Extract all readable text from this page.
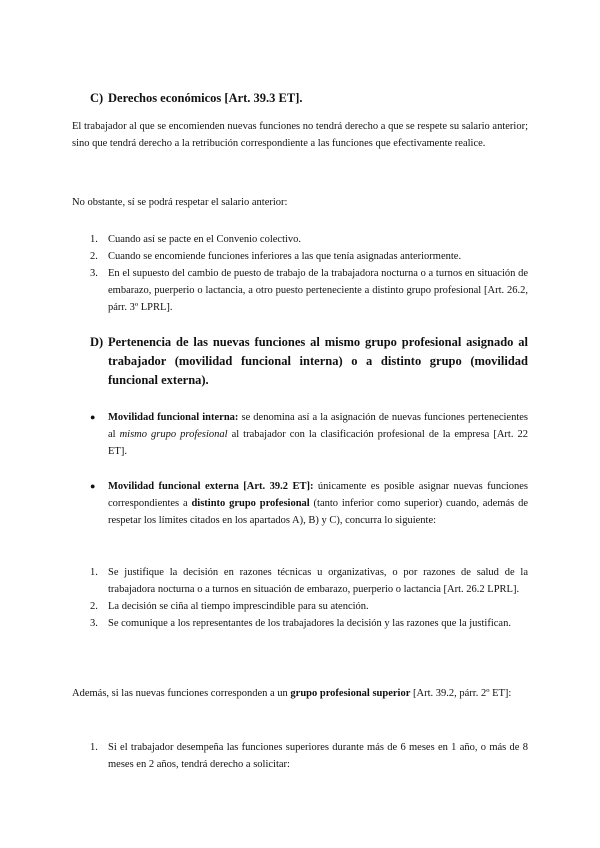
C) Derechos económicos [Art. 39.3 ET].

El trabajador al que se encomienden nuevas funciones no tendrá derecho a que se respete su salario anterior; sino que tendrá derecho a la retribución correspondiente a las funciones que efectivamente realice.

No obstante, sí se podrá respetar el salario anterior:

1. Cuando así se pacte en el Convenio colectivo.
2. Cuando se encomiende funciones inferiores a las que tenía asignadas anteriormente.
3. En el supuesto del cambio de puesto de trabajo de la trabajadora nocturna o a turnos en situación de embarazo, puerperio o lactancia, a otro puesto perteneciente a distinto grupo profesional [Art. 26.2, párr. 3º LPRL].
D) Pertenencia de las nuevas funciones al mismo grupo profesional asignado al trabajador (movilidad funcional interna) o a distinto grupo (movilidad funcional externa).
● Movilidad funcional interna: se denomina así a la asignación de nuevas funciones pertenecientes al mismo grupo profesional al trabajador con la clasificación profesional de la empresa [Art. 22 ET].
● Movilidad funcional externa [Art. 39.2 ET]: únicamente es posible asignar nuevas funciones correspondientes a distinto grupo profesional (tanto inferior como superior) cuando, además de respetar los límites citados en los apartados A), B) y C), concurra lo siguiente:
1. Se justifique la decisión en razones técnicas u organizativas, o por razones de salud de la trabajadora nocturna o a turnos en situación de embarazo, puerperio o lactancia [Art. 26.2 LPRL].
2. La decisión se ciña al tiempo imprescindible para su atención.
3. Se comunique a los representantes de los trabajadores la decisión y las razones que la justifican.

Además, si las nuevas funciones corresponden a un grupo profesional superior [Art. 39.2, párr. 2º ET]:

1. Si el trabajador desempeña las funciones superiores durante más de 6 meses en 1 año, o más de 8 meses en 2 años, tendrá derecho a solicitar:
